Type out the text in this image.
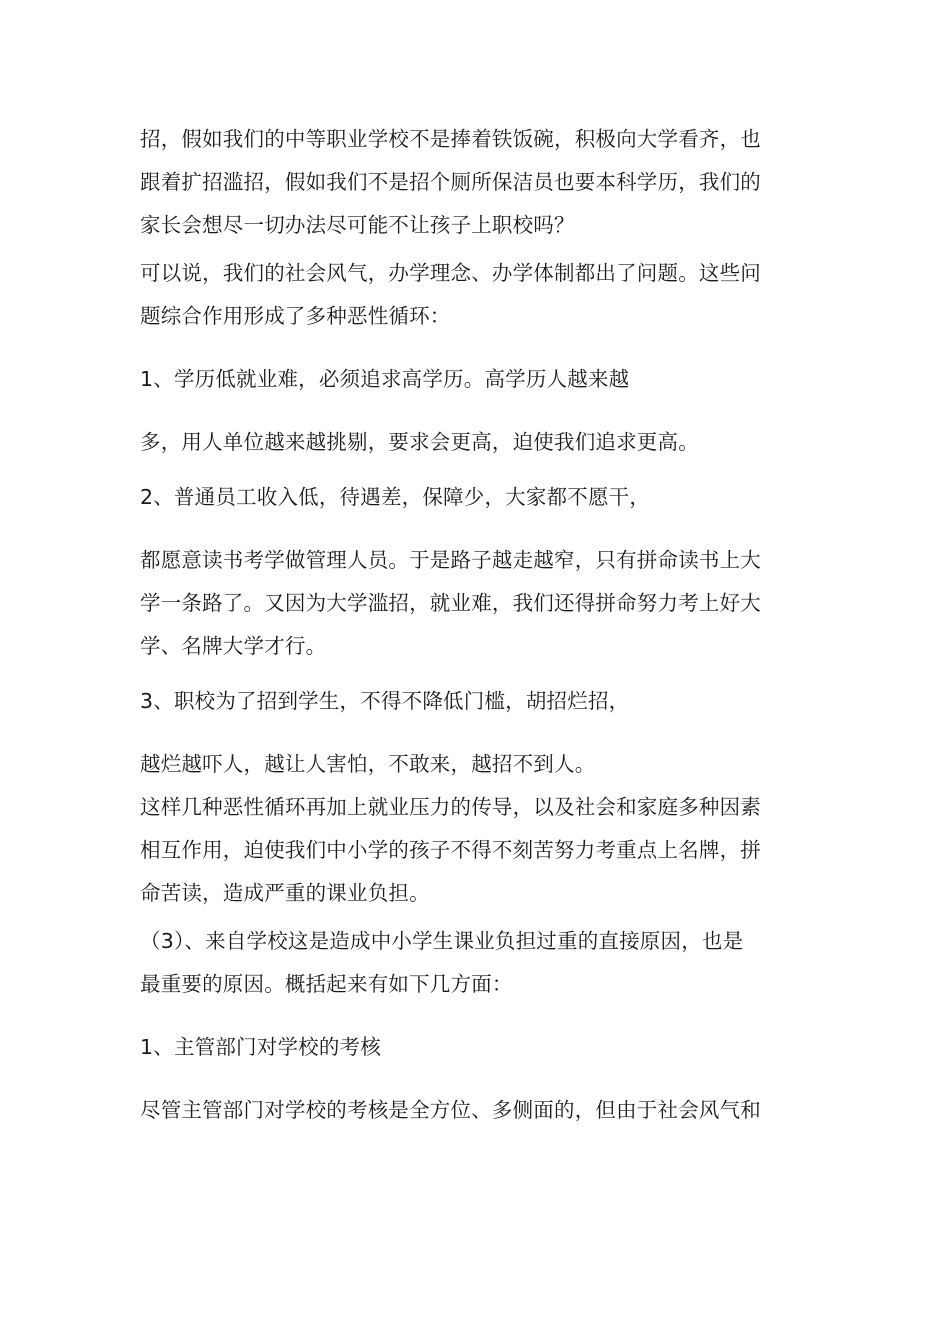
招，假如我们的中等职业学校不是捧着铁饭碗，积极向大学看齐，也

跟着扩招滥招，假如我们不是招个厕所保洁员也要本科学历，我们的

家长会想尽一切办法尽可能不让孩子上职校吗？

可以说，我们的社会风气，办学理念、办学体制都出了问题。这些问

题综合作用形成了多种恶性循环：

1、学历低就业难，必须追求高学历。高学历人越来越

多，用人单位越来越挑剔，要求会更高，迫使我们追求更高。

2、普通员工收入低，待遇差，保障少，大家都不愿干，

都愿意读书考学做管理人员。于是路子越走越窄，只有拼命读书上大

学一条路了。又因为大学滥招，就业难，我们还得拼命努力考上好大

学、名牌大学才行。

3、职校为了招到学生，不得不降低门槛，胡招烂招，

越烂越吓人，越让人害怕，不敢来，越招不到人。

这样几种恶性循环再加上就业压力的传导，以及社会和家庭多种因素

相互作用，迫使我们中小学的孩子不得不刻苦努力考重点上名牌，拼

命苦读，造成严重的课业负担。

（3）、来自学校这是造成中小学生课业负担过重的直接原因，也是

最重要的原因。概括起来有如下几方面：

1、主管部门对学校的考核

尽管主管部门对学校的考核是全方位、多侧面的，但由于社会风气和
